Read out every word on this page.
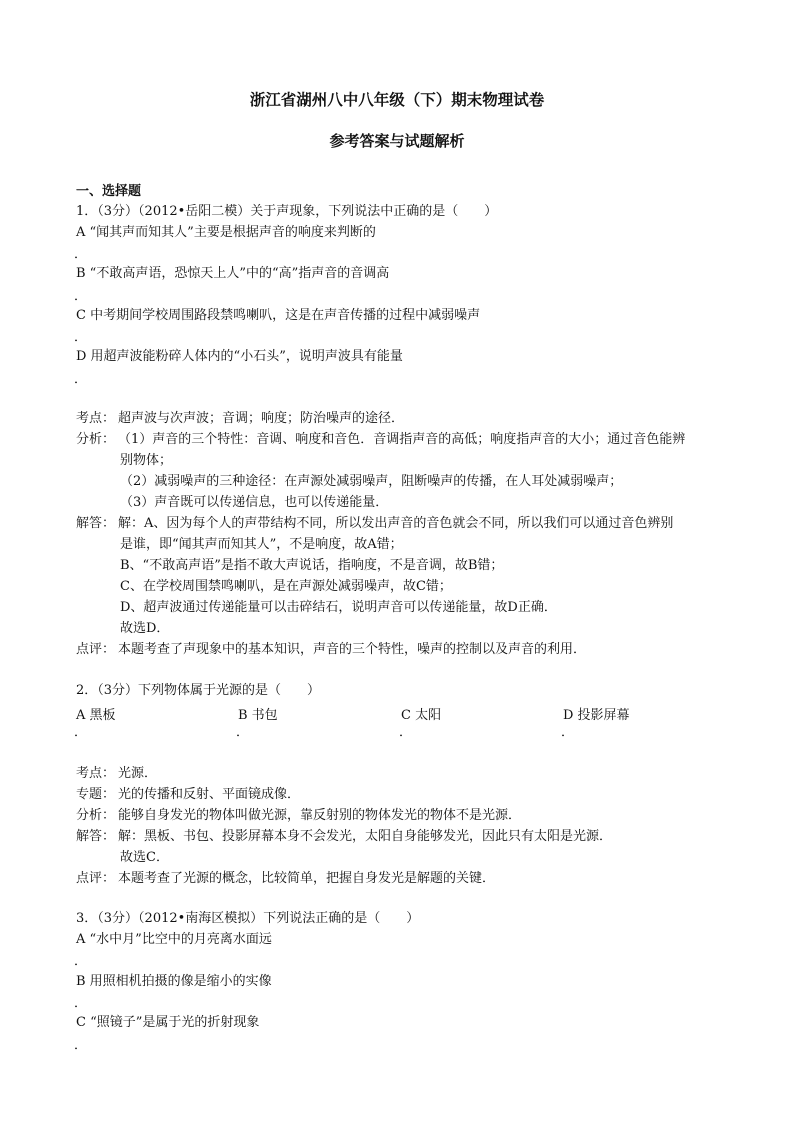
浙江省湖州八中八年级（下）期末物理试卷
参考答案与试题解析
一、选择题
1．（3分）（2012•岳阳二模）关于声现象，下列说法中正确的是（　　）
A “闻其声而知其人”主要是根据声音的响度来判断的
．
B “不敢高声语，恐惊天上人”中的“高”指声音的音调高
．
C 中考期间学校周围路段禁鸣喇叭，这是在声音传播的过程中减弱噪声
．
D 用超声波能粉碎人体内的“小石头”，说明声波具有能量
．
考点： 超声波与次声波；音调；响度；防治噪声的途径．
分析： （1）声音的三个特性：音调、响度和音色．音调指声音的高低；响度指声音的大小；通过音色能辨
别物体；
（2）减弱噪声的三种途径：在声源处减弱噪声，阻断噪声的传播，在人耳处减弱噪声；
（3）声音既可以传递信息，也可以传递能量．
解答： 解：A、因为每个人的声带结构不同，所以发出声音的音色就会不同，所以我们可以通过音色辨别
是谁，即“闻其声而知其人”，不是响度，故A错；
B、“不敢高声语”是指不敢大声说话，指响度，不是音调，故B错；
C、在学校周围禁鸣喇叭，是在声源处减弱噪声，故C错；
D、超声波通过传递能量可以击碎结石，说明声音可以传递能量，故D正确．
故选D．
点评： 本题考查了声现象中的基本知识，声音的三个特性，噪声的控制以及声音的利用．
2．（3分）下列物体属于光源的是（　　）
A 黑板	B 书包	C 太阳	D 投影屏幕
．	．	．	．
考点： 光源．
专题： 光的传播和反射、平面镜成像．
分析： 能够自身发光的物体叫做光源，靠反射别的物体发光的物体不是光源．
解答： 解：黑板、书包、投影屏幕本身不会发光，太阳自身能够发光，因此只有太阳是光源．
故选C．
点评： 本题考查了光源的概念，比较简单，把握自身发光是解题的关键．
3．（3分）（2012•南海区模拟）下列说法正确的是（　　）
A “水中月”比空中的月亮离水面远
．
B 用照相机拍摄的像是缩小的实像
．
C “照镜子”是属于光的折射现象
．
